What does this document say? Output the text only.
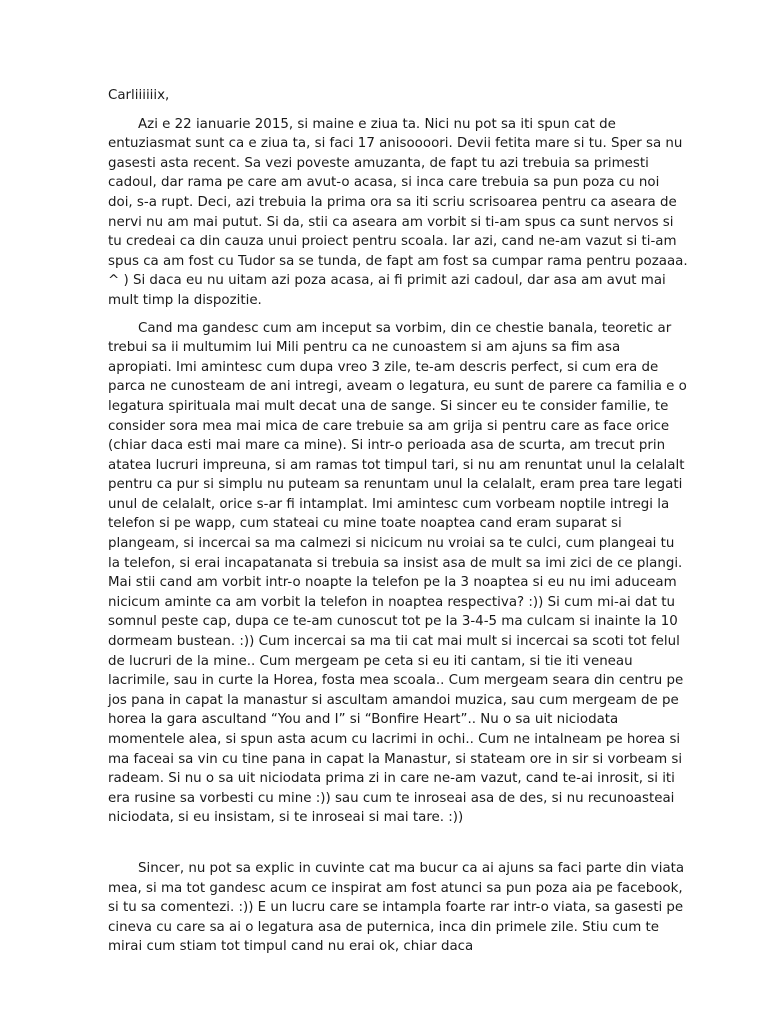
Carliiiiiix,

Azi e 22 ianuarie 2015, si maine e ziua ta. Nici nu pot sa iti spun cat de entuziasmat sunt ca e ziua ta, si faci 17 anisoooori. Devii fetita mare si tu. Sper sa nu gasesti asta recent. Sa vezi poveste amuzanta, de fapt tu azi trebuia sa primesti cadoul, dar rama pe care am avut-o acasa, si inca care trebuia sa pun poza cu noi doi, s-a rupt. Deci, azi trebuia la prima ora sa iti scriu scrisoarea pentru ca aseara de nervi nu am mai putut. Si da, stii ca aseara am vorbit si ti-am spus ca sunt nervos si tu credeai ca din cauza unui proiect pentru scoala. Iar azi, cand ne-am vazut si ti-am spus ca am fost cu Tudor sa se tunda, de fapt am fost sa cumpar rama pentru pozaaa. ^ ) Si daca eu nu uitam azi poza acasa, ai fi primit azi cadoul, dar asa am avut mai mult timp la dispozitie.

Cand ma gandesc cum am inceput sa vorbim, din ce chestie banala, teoretic ar trebui sa ii multumim lui Mili pentru ca ne cunoastem si am ajuns sa fim asa apropiati. Imi amintesc cum dupa vreo 3 zile, te-am descris perfect, si cum era de parca ne cunosteam de ani intregi, aveam o legatura, eu sunt de parere ca familia e o legatura spirituala mai mult decat una de sange. Si sincer eu te consider familie, te consider sora mea mai mica de care trebuie sa am grija si pentru care as face orice (chiar daca esti mai mare ca mine). Si intr-o perioada asa de scurta, am trecut prin atatea lucruri impreuna, si am ramas tot timpul tari, si nu am renuntat unul la celalalt pentru ca pur si simplu nu puteam sa renuntam unul la celalalt, eram prea tare legati unul de celalalt, orice s-ar fi intamplat. Imi amintesc cum vorbeam noptile intregi la telefon si pe wapp, cum stateai cu mine toate noaptea cand eram suparat si plangeam, si incercai sa ma calmezi si nicicum nu vroiai sa te culci, cum plangeai tu la telefon, si erai incapatanata si trebuia sa insist asa de mult sa imi zici de ce plangi. Mai stii cand am vorbit intr-o noapte la telefon pe la 3 noaptea si eu nu imi aduceam nicicum aminte ca am vorbit la telefon in noaptea respectiva? :)) Si cum mi-ai dat tu somnul peste cap, dupa ce te-am cunoscut tot pe la 3-4-5 ma culcam si inainte la 10 dormeam bustean. :)) Cum incercai sa ma tii cat mai mult si incercai sa scoti tot felul de lucruri de la mine.. Cum mergeam pe ceta si eu iti cantam, si tie iti veneau lacrimile, sau in curte la Horea, fosta mea scoala.. Cum mergeam seara din centru pe jos pana in capat la manastur si ascultam amandoi muzica, sau cum mergeam de pe horea la gara ascultand “You and I” si “Bonfire Heart”.. Nu o sa uit niciodata momentele alea, si spun asta acum cu lacrimi in ochi.. Cum ne intalneam pe horea si ma faceai sa vin cu tine pana in capat la Manastur, si stateam ore in sir si vorbeam si radeam. Si nu o sa uit niciodata prima zi in care ne-am vazut, cand te-ai inrosit, si iti era rusine sa vorbesti cu mine :)) sau cum te inroseai asa de des, si nu recunoasteai niciodata, si eu insistam, si te inroseai si mai tare. :))

Sincer, nu pot sa explic in cuvinte cat ma bucur ca ai ajuns sa faci parte din viata mea, si ma tot gandesc acum ce inspirat am fost atunci sa pun poza aia pe facebook, si tu sa comentezi. :)) E un lucru care se intampla foarte rar intr-o viata, sa gasesti pe cineva cu care sa ai o legatura asa de puternica, inca din primele zile. Stiu cum te mirai cum stiam tot timpul cand nu erai ok, chiar daca
